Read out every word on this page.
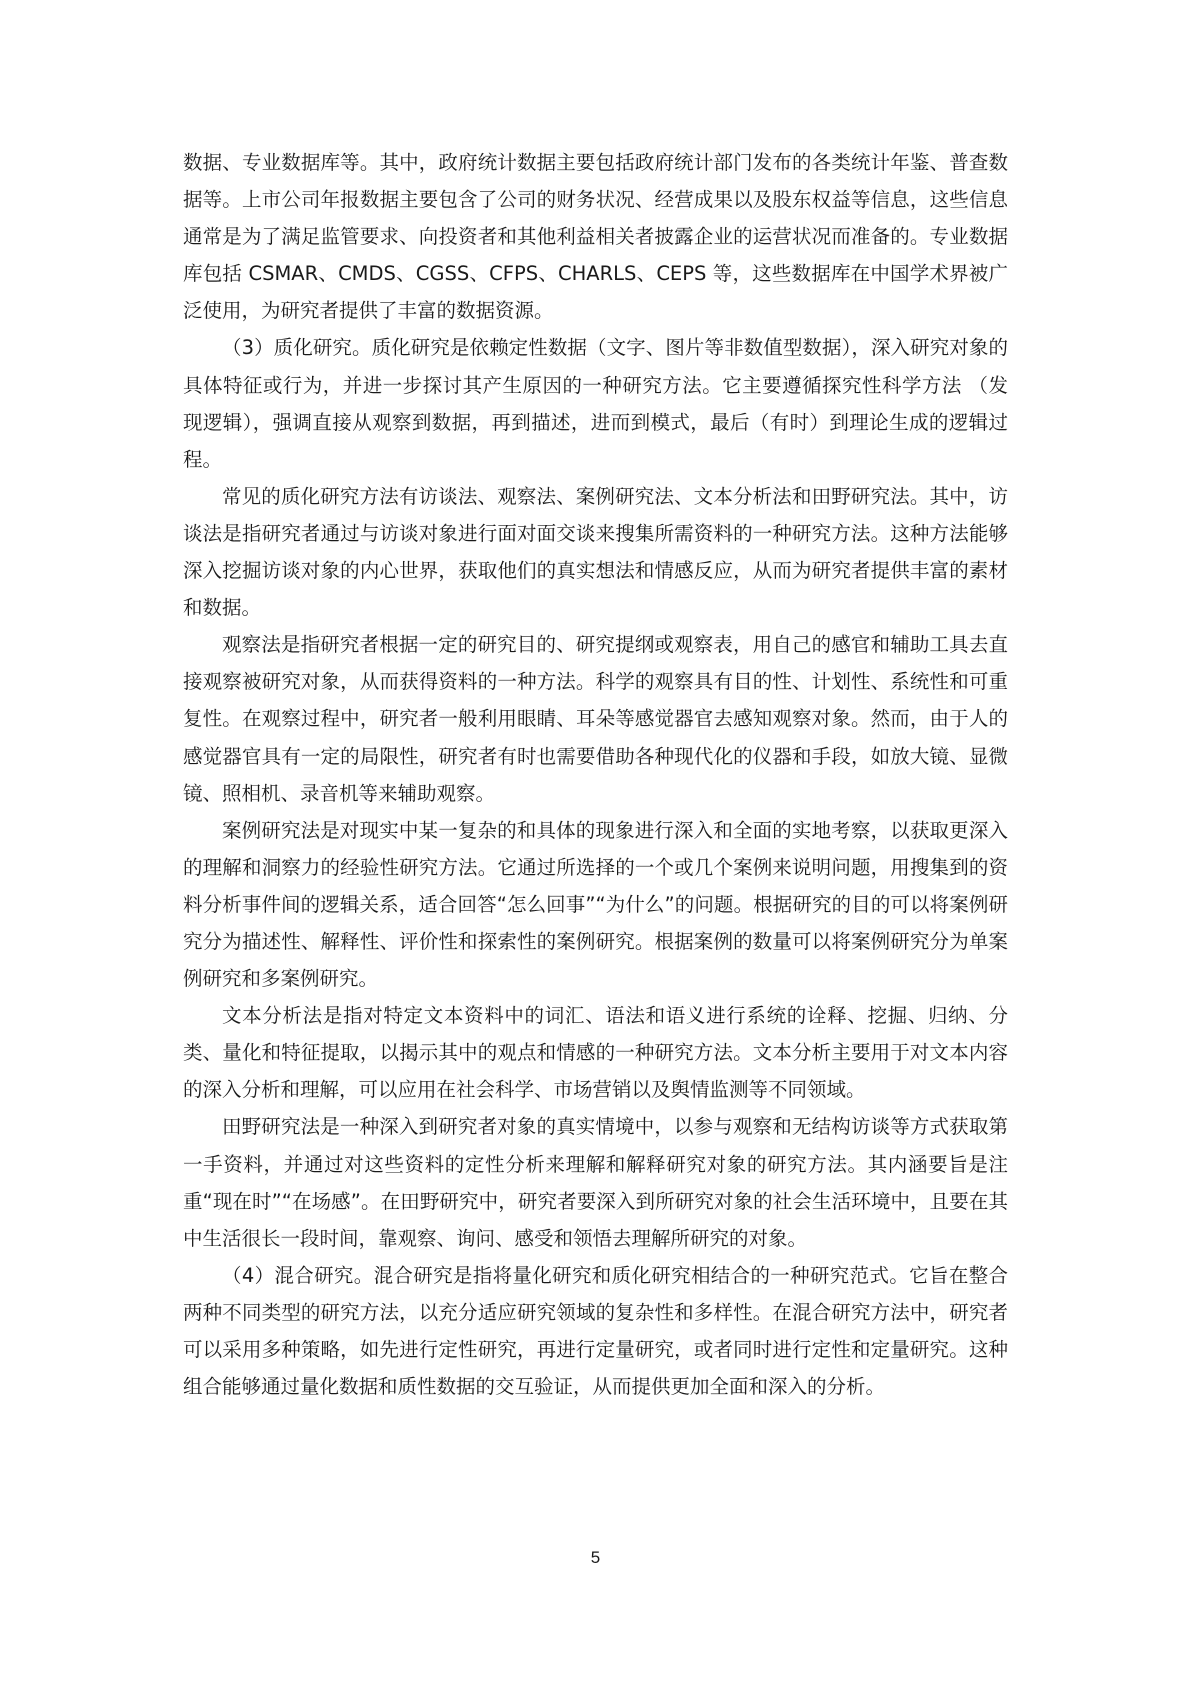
数据、专业数据库等。其中，政府统计数据主要包括政府统计部门发布的各类统计年鉴、普查数据等。上市公司年报数据主要包含了公司的财务状况、经营成果以及股东权益等信息，这些信息通常是为了满足监管要求、向投资者和其他利益相关者披露企业的运营状况而准备的。专业数据库包括 CSMAR、CMDS、CGSS、CFPS、CHARLS、CEPS 等，这些数据库在中国学术界被广泛使用，为研究者提供了丰富的数据资源。

（3）质化研究。质化研究是依赖定性数据（文字、图片等非数值型数据），深入研究对象的具体特征或行为，并进一步探讨其产生原因的一种研究方法。它主要遵循探究性科学方法 （发现逻辑），强调直接从观察到数据，再到描述，进而到模式，最后（有时）到理论生成的逻辑过程。

常见的质化研究方法有访谈法、观察法、案例研究法、文本分析法和田野研究法。其中，访谈法是指研究者通过与访谈对象进行面对面交谈来搜集所需资料的一种研究方法。这种方法能够深入挖掘访谈对象的内心世界，获取他们的真实想法和情感反应，从而为研究者提供丰富的素材和数据。

观察法是指研究者根据一定的研究目的、研究提纲或观察表，用自己的感官和辅助工具去直接观察被研究对象，从而获得资料的一种方法。科学的观察具有目的性、计划性、系统性和可重复性。在观察过程中，研究者一般利用眼睛、耳朵等感觉器官去感知观察对象。然而，由于人的感觉器官具有一定的局限性，研究者有时也需要借助各种现代化的仪器和手段，如放大镜、显微镜、照相机、录音机等来辅助观察。

案例研究法是对现实中某一复杂的和具体的现象进行深入和全面的实地考察，以获取更深入的理解和洞察力的经验性研究方法。它通过所选择的一个或几个案例来说明问题，用搜集到的资料分析事件间的逻辑关系，适合回答“怎么回事”“为什么”的问题。根据研究的目的可以将案例研究分为描述性、解释性、评价性和探索性的案例研究。根据案例的数量可以将案例研究分为单案例研究和多案例研究。

文本分析法是指对特定文本资料中的词汇、语法和语义进行系统的诠释、挖掘、归纳、分类、量化和特征提取，以揭示其中的观点和情感的一种研究方法。文本分析主要用于对文本内容的深入分析和理解，可以应用在社会科学、市场营销以及舆情监测等不同领域。

田野研究法是一种深入到研究者对象的真实情境中，以参与观察和无结构访谈等方式获取第一手资料，并通过对这些资料的定性分析来理解和解释研究对象的研究方法。其内涵要旨是注重“现在时”“在场感”。在田野研究中，研究者要深入到所研究对象的社会生活环境中，且要在其中生活很长一段时间，靠观察、询问、感受和领悟去理解所研究的对象。

（4）混合研究。混合研究是指将量化研究和质化研究相结合的一种研究范式。它旨在整合两种不同类型的研究方法，以充分适应研究领域的复杂性和多样性。在混合研究方法中，研究者可以采用多种策略，如先进行定性研究，再进行定量研究，或者同时进行定性和定量研究。这种组合能够通过量化数据和质性数据的交互验证，从而提供更加全面和深入的分析。

5
